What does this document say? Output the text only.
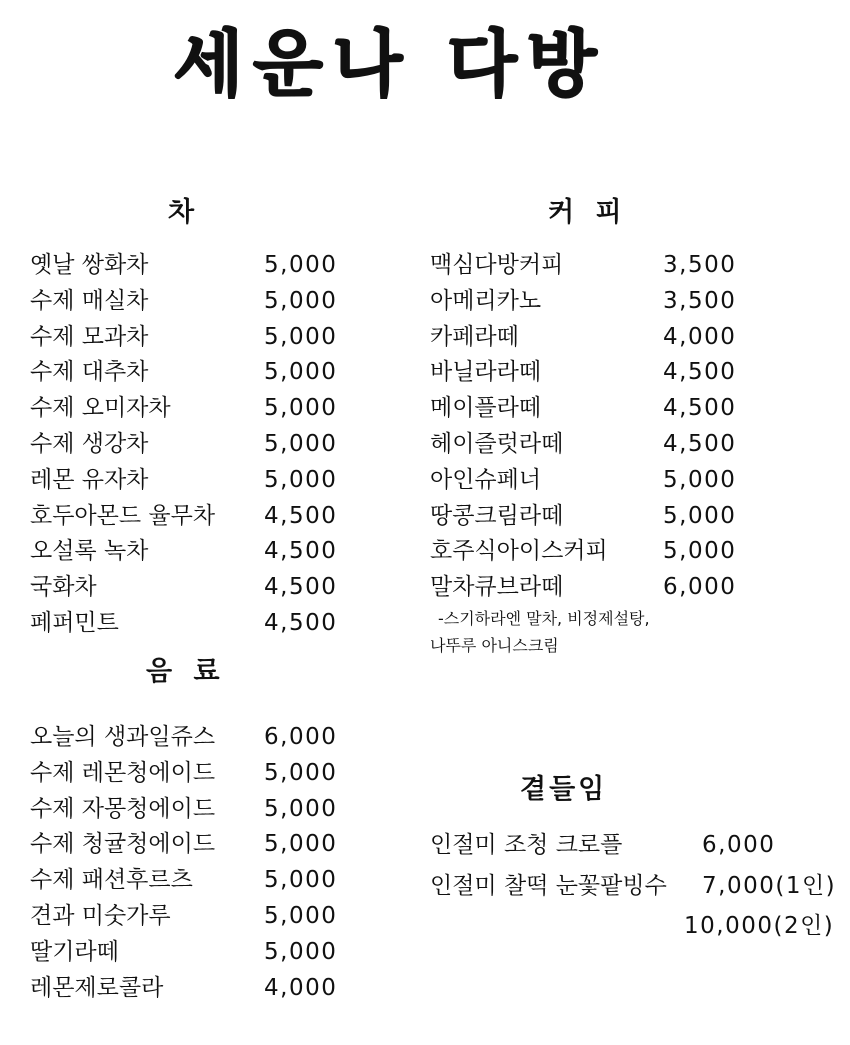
세운나 다방
차
옛날 쌍화차	5,000
수제 매실차	5,000
수제 모과차	5,000
수제 대추차	5,000
수제 오미자차	5,000
수제 생강차	5,000
레몬 유자차	5,000
호두아몬드 율무차 4,500
오설록 녹차	4,500
국화차	4,500
페퍼민트	4,500
음 료
오늘의 생과일쥬스 6,000
수제 레몬청에이드 5,000
수제 자몽청에이드 5,000
수제 청귤청에이드 5,000
수제 패션후르츠	5,000
견과 미숫가루	5,000
딸기라떼	5,000
레몬제로콜라	4,000
커 피
맥심다방커피	3,500
아메리카노	3,500
카페라떼	4,000
바닐라라떼	4,500
메이플라떼	4,500
헤이즐럿라떼	4,500
아인슈페너	5,000
땅콩크림라떼	5,000
호주식아이스커피 5,000
말차큐브라떼	6,000
-스기하라엔 말차, 비정제설탕,
나뚜루 아니스크림
곁들임
인절미 조청 크로플	6,000
인절미 찰떡 눈꽃팥빙수 7,000(1인)
10,000(2인)
